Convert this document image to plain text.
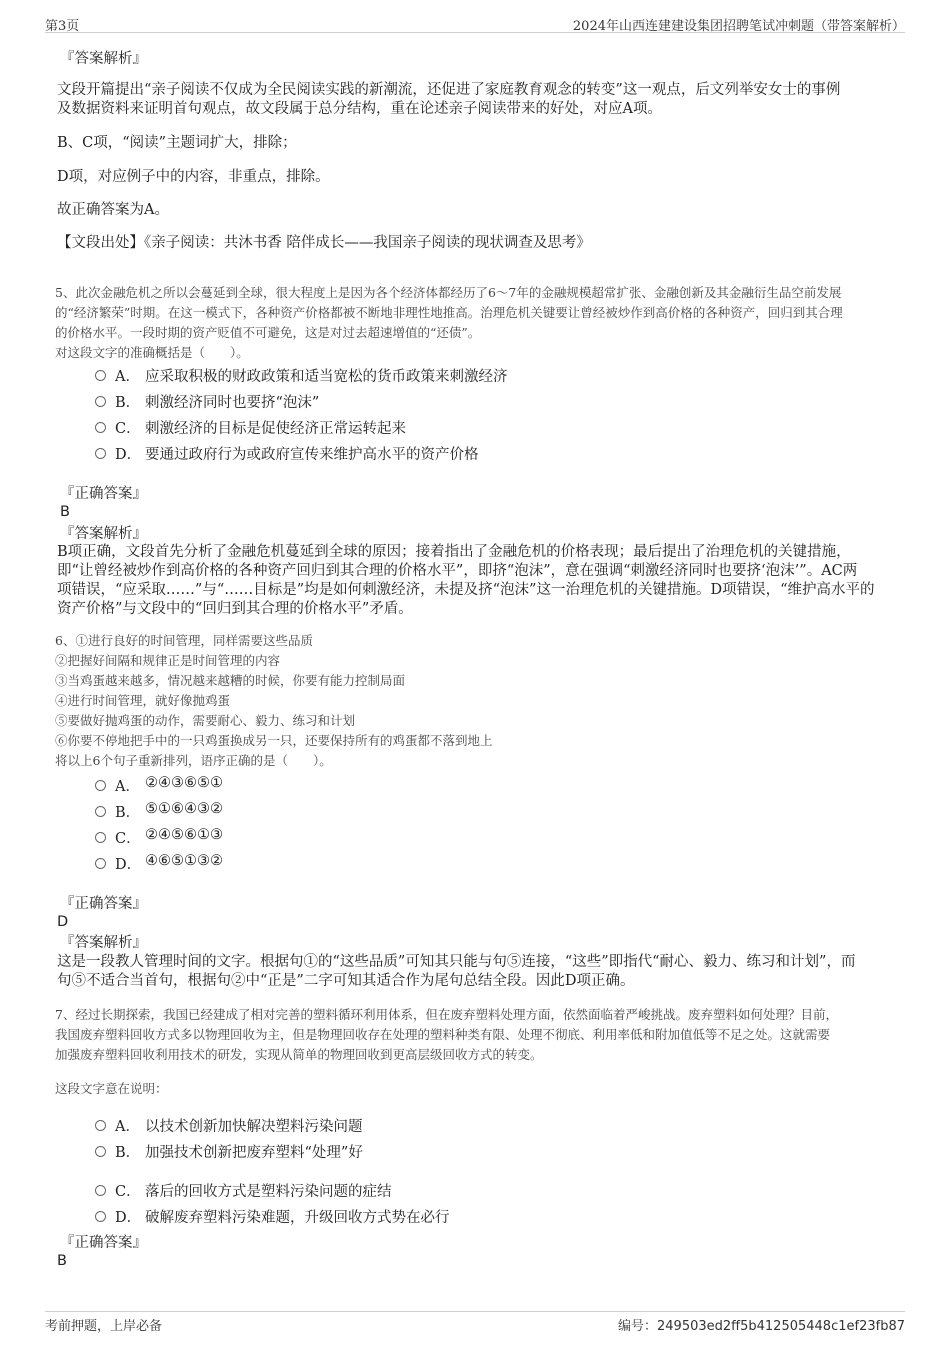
第3页	2024年山西连建建设集团招聘笔试冲刺题（带答案解析）
『答案解析』
文段开篇提出“亲子阅读不仅成为全民阅读实践的新潮流，还促进了家庭教育观念的转变”这一观点，后文列举安女士的事例
及数据资料来证明首句观点，故文段属于总分结构，重在论述亲子阅读带来的好处，对应A项。
B、C项，“阅读”主题词扩大，排除；
D项，对应例子中的内容，非重点，排除。
故正确答案为A。
【文段出处】《亲子阅读：共沐书香 陪伴成长——我国亲子阅读的现状调查及思考》
5、此次金融危机之所以会蔓延到全球，很大程度上是因为各个经济体都经历了6～7年的金融规模超常扩张、金融创新及其金融衍生品空前发展
的“经济繁荣”时期。在这一模式下，各种资产价格都被不断地非理性地推高。治理危机关键要让曾经被炒作到高价格的各种资产，回归到其合理
的价格水平。一段时期的资产贬值不可避免，这是对过去超速增值的“还债”。
对这段文字的准确概括是（　　）。
A． 应采取积极的财政政策和适当宽松的货币政策来刺激经济
B． 刺激经济同时也要挤“泡沫”
C． 刺激经济的目标是促使经济正常运转起来
D． 要通过政府行为或政府宣传来维护高水平的资产价格
『正确答案』
B
『答案解析』
B项正确，文段首先分析了金融危机蔓延到全球的原因；接着指出了金融危机的价格表现；最后提出了治理危机的关键措施，
即“让曾经被炒作到高价格的各种资产回归到其合理的价格水平”，即挤“泡沫”，意在强调“刺激经济同时也要挤‘泡沫’”。AC两
项错误，“应采取……”与“……目标是”均是如何刺激经济，未提及挤“泡沫”这一治理危机的关键措施。D项错误，“维护高水平的
资产价格”与文段中的“回归到其合理的价格水平”矛盾。
6、①进行良好的时间管理，同样需要这些品质
②把握好间隔和规律正是时间管理的内容
③当鸡蛋越来越多，情况越来越糟的时候，你要有能力控制局面
④进行时间管理，就好像抛鸡蛋
⑤要做好抛鸡蛋的动作，需要耐心、毅力、练习和计划
⑥你要不停地把手中的一只鸡蛋换成另一只，还要保持所有的鸡蛋都不落到地上
将以上6个句子重新排列，语序正确的是（　　）。
A． ②④③⑥⑤①
B． ⑤①⑥④③②
C． ②④⑤⑥①③
D． ④⑥⑤①③②
『正确答案』
D
『答案解析』
这是一段教人管理时间的文字。根据句①的“这些品质”可知其只能与句⑤连接，“这些”即指代“耐心、毅力、练习和计划”，而
句⑤不适合当首句，根据句②中“正是”二字可知其适合作为尾句总结全段。因此D项正确。
7、经过长期探索，我国已经建成了相对完善的塑料循环利用体系，但在废弃塑料处理方面，依然面临着严峻挑战。废弃塑料如何处理？目前，
我国废弃塑料回收方式多以物理回收为主，但是物理回收存在处理的塑料种类有限、处理不彻底、利用率低和附加值低等不足之处。这就需要
加强废弃塑料回收利用技术的研发，实现从简单的物理回收到更高层级回收方式的转变。
这段文字意在说明：
A． 以技术创新加快解决塑料污染问题
B． 加强技术创新把废弃塑料“处理”好
C． 落后的回收方式是塑料污染问题的症结
D． 破解废弃塑料污染难题，升级回收方式势在必行
『正确答案』
B
考前押题，上岸必备	编号：249503ed2ff5b412505448c1ef23fb87
